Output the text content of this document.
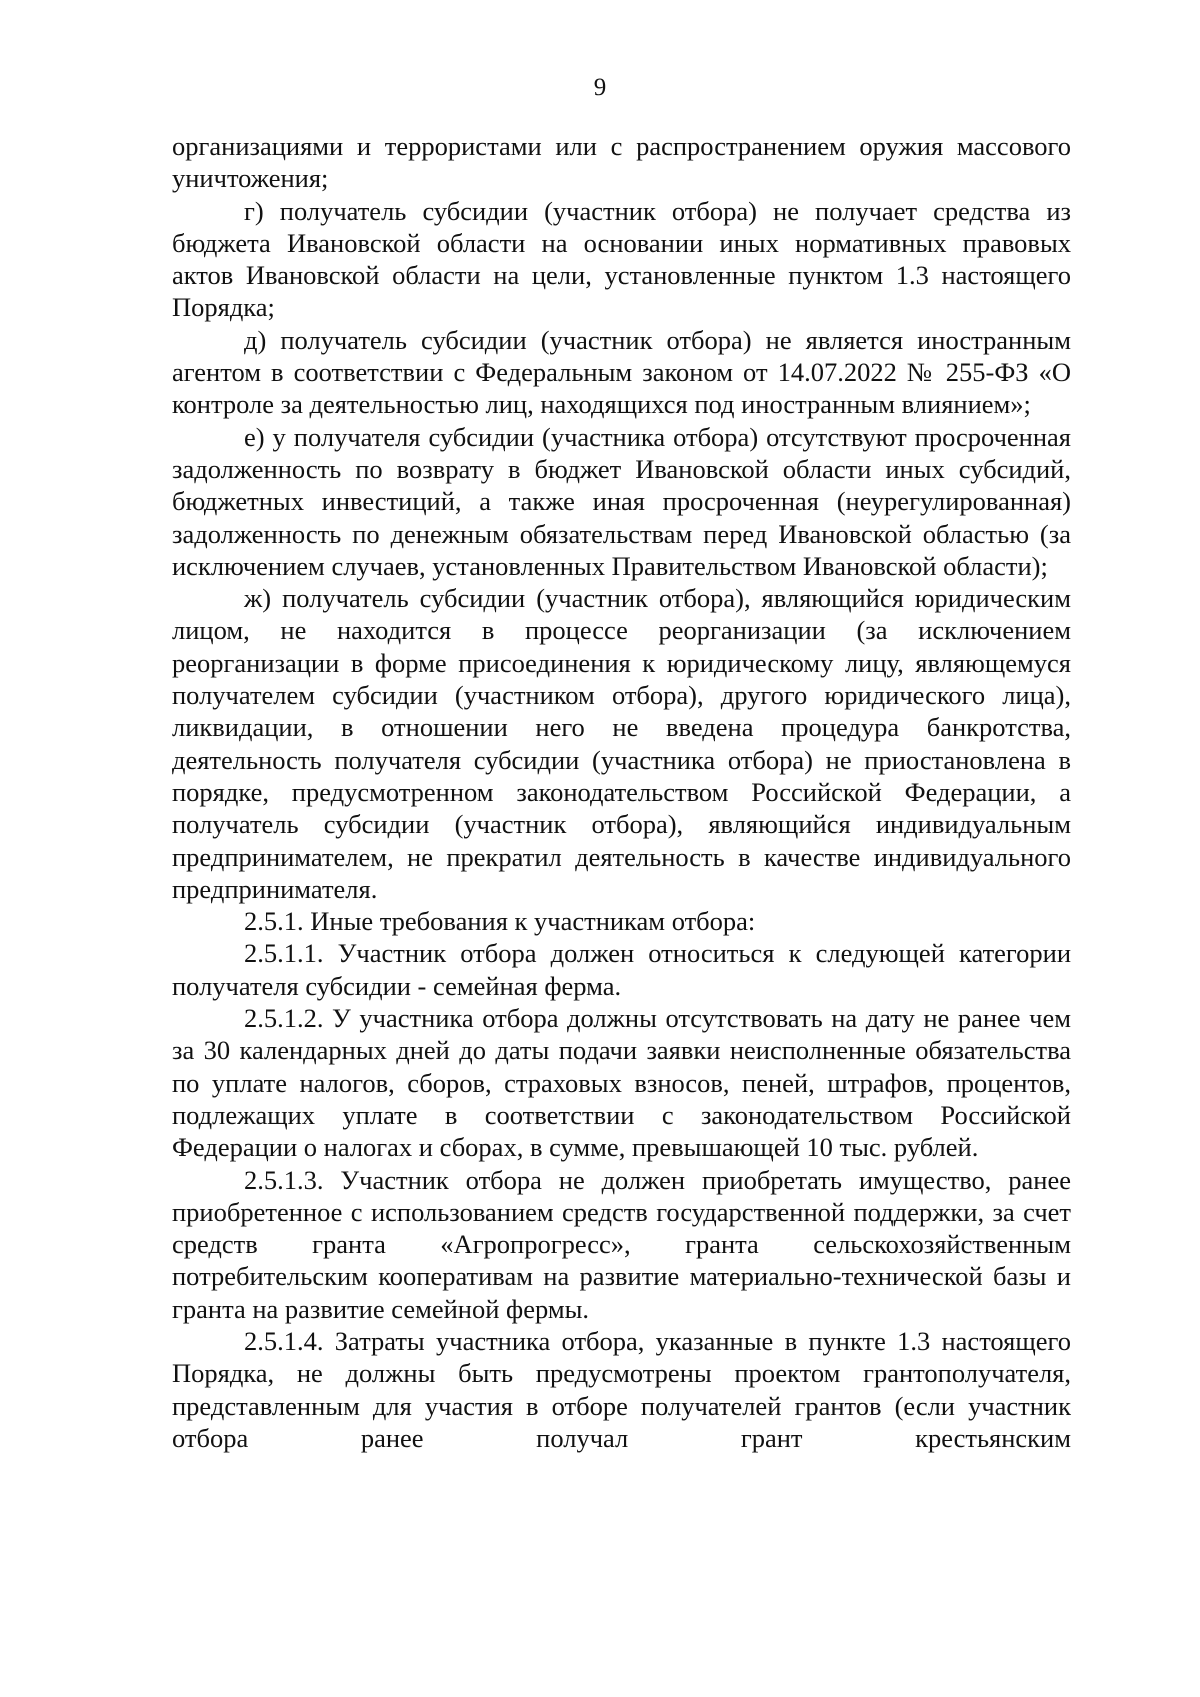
9

организациями и террористами или с распространением оружия массового уничтожения;

г) получатель субсидии (участник отбора) не получает средства из бюджета Ивановской области на основании иных нормативных правовых актов Ивановской области на цели, установленные пунктом 1.3 настоящего Порядка;

д) получатель субсидии (участник отбора) не является иностранным агентом в соответствии с Федеральным законом от 14.07.2022 № 255-ФЗ «О контроле за деятельностью лиц, находящихся под иностранным влиянием»;

е) у получателя субсидии (участника отбора) отсутствуют просроченная задолженность по возврату в бюджет Ивановской области иных субсидий, бюджетных инвестиций, а также иная просроченная (неурегулированная) задолженность по денежным обязательствам перед Ивановской областью (за исключением случаев, установленных Правительством Ивановской области);

ж) получатель субсидии (участник отбора), являющийся юридическим лицом, не находится в процессе реорганизации (за исключением реорганизации в форме присоединения к юридическому лицу, являющемуся получателем субсидии (участником отбора), другого юридического лица), ликвидации, в отношении него не введена процедура банкротства, деятельность получателя субсидии (участника отбора) не приостановлена в порядке, предусмотренном законодательством Российской Федерации, а получатель субсидии (участник отбора), являющийся индивидуальным предпринимателем, не прекратил деятельность в качестве индивидуального предпринимателя.

2.5.1. Иные требования к участникам отбора:

2.5.1.1. Участник отбора должен относиться к следующей категории получателя субсидии - семейная ферма.

2.5.1.2. У участника отбора должны отсутствовать на дату не ранее чем за 30 календарных дней до даты подачи заявки неисполненные обязательства по уплате налогов, сборов, страховых взносов, пеней, штрафов, процентов, подлежащих уплате в соответствии с законодательством Российской Федерации о налогах и сборах, в сумме, превышающей 10 тыс. рублей.

2.5.1.3. Участник отбора не должен приобретать имущество, ранее приобретенное с использованием средств государственной поддержки, за счет средств гранта «Агропрогресс», гранта сельскохозяйственным потребительским кооперативам на развитие материально-технической базы и гранта на развитие семейной фермы.

2.5.1.4. Затраты участника отбора, указанные в пункте 1.3 настоящего Порядка, не должны быть предусмотрены проектом грантополучателя, представленным для участия в отборе получателей грантов (если участник отбора ранее получал грант крестьянским
